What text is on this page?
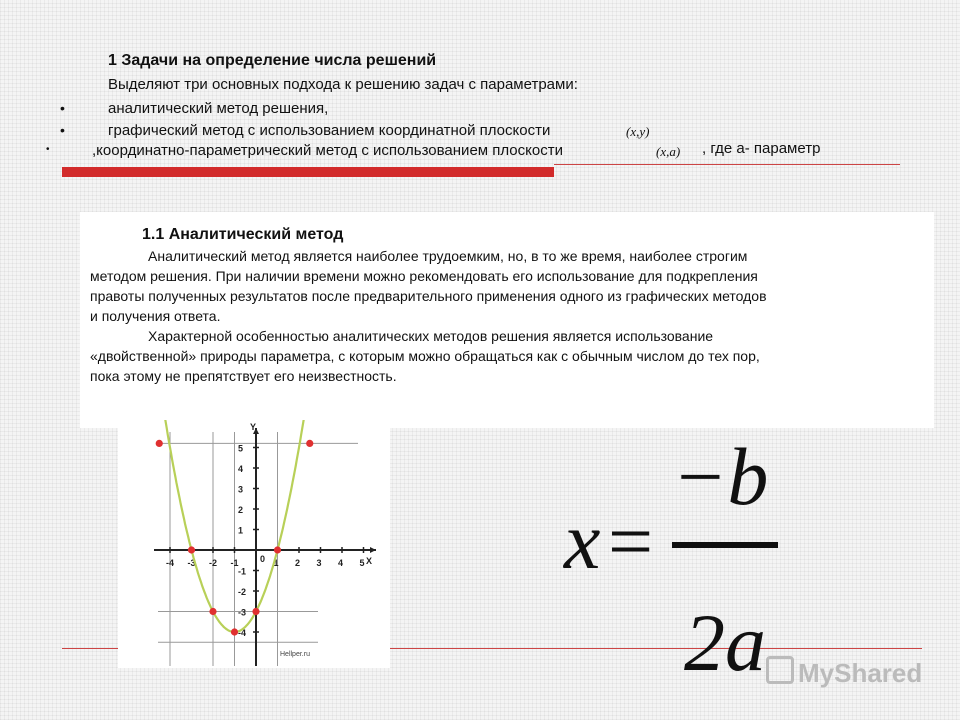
1 Задачи на определение числа решений
Выделяют три основных подхода к решению задач с параметрами:
•	аналитический метод решения,
•	графический метод с использованием координатной плоскости	(x,y)
•	,координатно-параметрический метод с использованием плоскости	(x,a) , где a- параметр
1.1 Аналитический метод
Аналитический метод является наиболее трудоемким, но, в то же время, наиболее строгим
методом решения. При наличии времени можно рекомендовать его использование для подкрепления
правоты полученных результатов после предварительного применения одного из графических методов
и получения ответа.
Характерной особенностью аналитических методов решения является использование
«двойственной» природы параметра, с которым можно обращаться как с обычным числом до тех пор,
пока этому не препятствует его неизвестность.
-4 -3 -2 -1	1 2 3 4 5
5
4
3
2
1
-1
-2
-3
-4
Y
X
0
Hellper.ru
x =
−b
2a	MyShared
